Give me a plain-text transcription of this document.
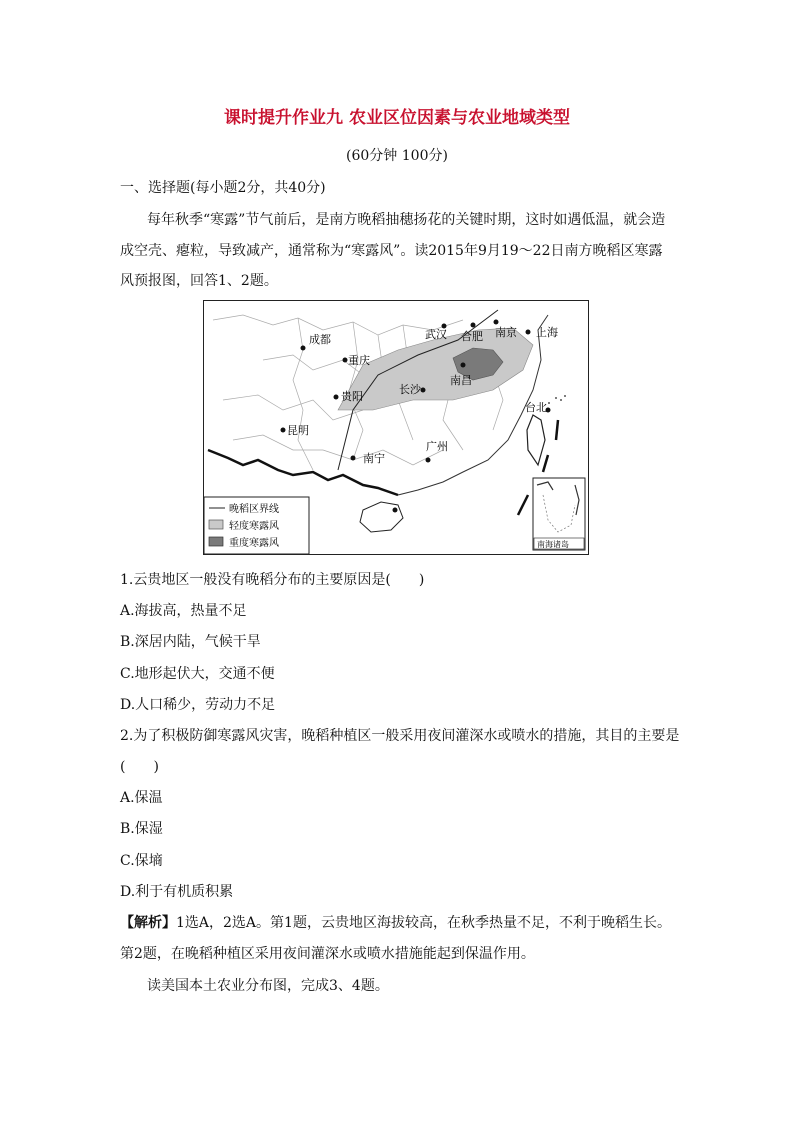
课时提升作业九 农业区位因素与农业地域类型
(60分钟 100分)
一、选择题(每小题2分，共40分)
每年秋季“寒露”节气前后，是南方晚稻抽穗扬花的关键时期，这时如遇低温，就会造
成空壳、瘪粒，导致减产，通常称为“寒露风”。读2015年9月19～22日南方晚稻区寒露
风预报图，回答1、2题。
成都
重庆
贵阳
昆明
武汉 合肥 南京 上海
长沙
南昌
台北
南宁
广州
晚稻区界线
轻度寒露风
重度寒露风	南海诸岛
1.云贵地区一般没有晚稻分布的主要原因是(　　)
A.海拔高，热量不足
B.深居内陆，气候干旱
C.地形起伏大，交通不便
D.人口稀少，劳动力不足
2.为了积极防御寒露风灾害，晚稻种植区一般采用夜间灌深水或喷水的措施，其目的主要是
(　　)
A.保温
B.保湿
C.保墒
D.利于有机质积累
【解析】1选A，2选A。第1题，云贵地区海拔较高，在秋季热量不足，不利于晚稻生长。
第2题，在晚稻种植区采用夜间灌深水或喷水措施能起到保温作用。
读美国本土农业分布图，完成3、4题。
